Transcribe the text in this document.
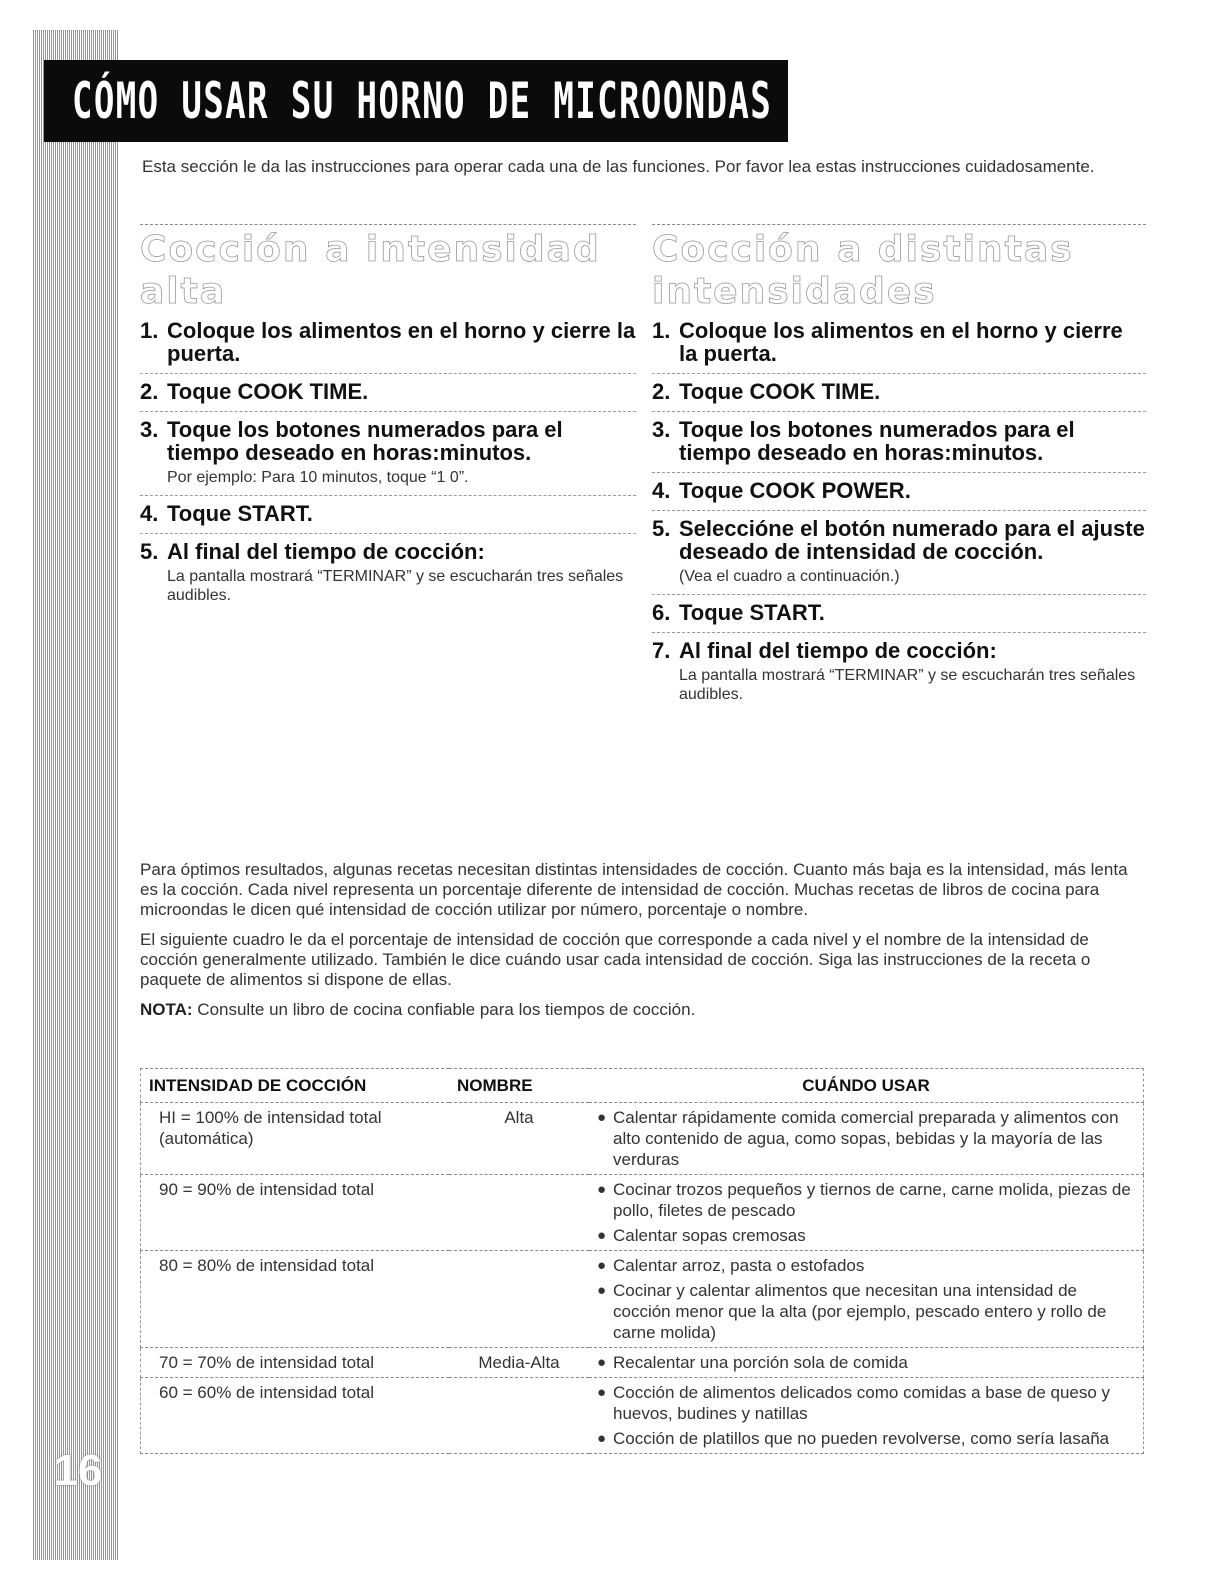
16
CÓMO USAR SU HORNO DE MICROONDAS
Esta sección le da las instrucciones para operar cada una de las funciones. Por favor lea estas instrucciones cuidadosamente.
Cocción a intensidad alta
1. Coloque los alimentos en el horno y cierre la puerta.
2. Toque COOK TIME.
3. Toque los botones numerados para el tiempo deseado en horas:minutos.
Por ejemplo: Para 10 minutos, toque “1 0”.
4. Toque START.
5. Al final del tiempo de cocción:
La pantalla mostrará “TERMINAR” y se escucharán tres señales audibles.
Cocción a distintas
intensidades
1. Coloque los alimentos en el horno y cierre la puerta.
2. Toque COOK TIME.
3. Toque los botones numerados para el tiempo deseado en horas:minutos.
4. Toque COOK POWER.
5. Seleccióne el botón numerado para el ajuste deseado de intensidad de cocción.
(Vea el cuadro a continuación.)
6. Toque START.
7. Al final del tiempo de cocción:
La pantalla mostrará “TERMINAR” y se escucharán tres señales audibles.

Para óptimos resultados, algunas recetas necesitan distintas intensidades de cocción. Cuanto más baja es la intensidad, más lenta es la cocción. Cada nivel representa un porcentaje diferente de intensidad de cocción. Muchas recetas de libros de cocina para microondas le dicen qué intensidad de cocción utilizar por número, porcentaje o nombre.

El siguiente cuadro le da el porcentaje de intensidad de cocción que corresponde a cada nivel y el nombre de la intensidad de cocción generalmente utilizado. También le dice cuándo usar cada intensidad de cocción. Siga las instrucciones de la receta o paquete de alimentos si dispone de ellas.

NOTA: Consulte un libro de cocina confiable para los tiempos de cocción.

INTENSIDAD DE COCCIÓN	NOMBRE	CUÁNDO USAR
HI = 100% de intensidad total (automática)	Alta	● Calentar rápidamente comida comercial preparada y alimentos con alto contenido de agua, como sopas, bebidas y la mayoría de las verduras

90 = 90% de intensidad total		● Cocinar trozos pequeños y tiernos de carne, carne molida, piezas de pollo, filetes de pescado
● Calentar sopas cremosas

80 = 80% de intensidad total		● Calentar arroz, pasta o estofados
● Cocinar y calentar alimentos que necesitan una intensidad de cocción menor que la alta (por ejemplo, pescado entero y rollo de carne molida)

70 = 70% de intensidad total	Media-Alta	● Recalentar una porción sola de comida

60 = 60% de intensidad total		● Cocción de alimentos delicados como comidas a base de queso y huevos, budines y natillas
● Cocción de platillos que no pueden revolverse, como sería lasaña
